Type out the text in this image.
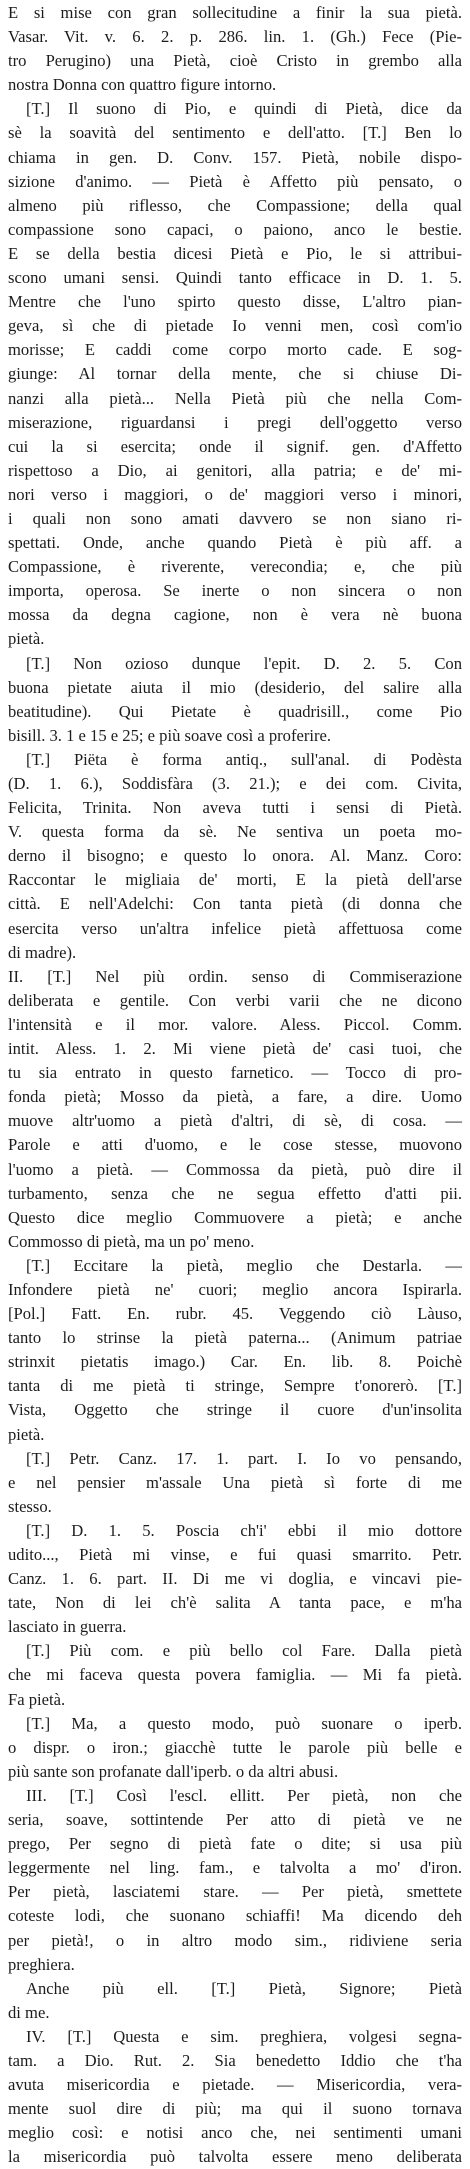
E si mise con gran sollecitudine a finir la sua pietà.
Vasar. Vit. v. 6. 2. p. 286. lin. 1. (Gh.) Fece (Pie-
tro Perugino) una Pietà, cioè Cristo in grembo alla
nostra Donna con quattro figure intorno.
[T.] Il suono di Pio, e quindi di Pietà, dice da
sè la soavità del sentimento e dell'atto. [T.] Ben lo
chiama in gen. D. Conv. 157. Pietà, nobile dispo-
sizione d'animo. — Pietà è Affetto più pensato, o
almeno più riflesso, che Compassione; della qual
compassione sono capaci, o paiono, anco le bestie.
E se della bestia dicesi Pietà e Pio, le si attribui-
scono umani sensi. Quindi tanto efficace in D. 1. 5.
Mentre che l'uno spirto questo disse, L'altro pian-
geva, sì che di pietade Io venni men, così com'io
morisse; E caddi come corpo morto cade. E sog-
giunge: Al tornar della mente, che si chiuse Di-
nanzi alla pietà... Nella Pietà più che nella Com-
miserazione, riguardansi i pregi dell'oggetto verso
cui la si esercita; onde il signif. gen. d'Affetto
rispettoso a Dio, ai genitori, alla patria; e de' mi-
nori verso i maggiori, o de' maggiori verso i minori,
i quali non sono amati davvero se non siano ri-
spettati. Onde, anche quando Pietà è più aff. a
Compassione, è riverente, verecondia; e, che più
importa, operosa. Se inerte o non sincera o non
mossa da degna cagione, non è vera nè buona
pietà.
[T.] Non ozioso dunque l'epit. D. 2. 5. Con
buona pietate aiuta il mio (desiderio, del salire alla
beatitudine). Qui Pietate è quadrisill., come Pio
bisill. 3. 1 e 15 e 25; e più soave così a proferire.
[T.] Piëta è forma antiq., sull'anal. di Podèsta
(D. 1. 6.), Soddisfàra (3. 21.); e dei com. Civita,
Felicita, Trinita. Non aveva tutti i sensi di Pietà.
V. questa forma da sè. Ne sentiva un poeta mo-
derno il bisogno; e questo lo onora. Al. Manz. Coro:
Raccontar le migliaia de' morti, E la pietà dell'arse
città. E nell'Adelchi: Con tanta pietà (di donna che
esercita verso un'altra infelice pietà affettuosa come
di madre).
II. [T.] Nel più ordin. senso di Commiserazione
deliberata e gentile. Con verbi varii che ne dicono
l'intensità e il mor. valore. Aless. Piccol. Comm.
intit. Aless. 1. 2. Mi viene pietà de' casi tuoi, che
tu sia entrato in questo farnetico. — Tocco di pro-
fonda pietà; Mosso da pietà, a fare, a dire. Uomo
muove altr'uomo a pietà d'altri, di sè, di cosa. —
Parole e atti d'uomo, e le cose stesse, muovono
l'uomo a pietà. — Commossa da pietà, può dire il
turbamento, senza che ne segua effetto d'atti pii.
Questo dice meglio Commuovere a pietà; e anche
Commosso di pietà, ma un po' meno.
[T.] Eccitare la pietà, meglio che Destarla. —
Infondere pietà ne' cuori; meglio ancora Ispirarla.
[Pol.] Fatt. En. rubr. 45. Veggendo ciò Làuso,
tanto lo strinse la pietà paterna... (Animum patriae
strinxit pietatis imago.) Car. En. lib. 8. Poichè
tanta di me pietà ti stringe, Sempre t'onorerò. [T.]
Vista, Oggetto che stringe il cuore d'un'insolita
pietà.
[T.] Petr. Canz. 17. 1. part. I. Io vo pensando,
e nel pensier m'assale Una pietà sì forte di me
stesso.
[T.] D. 1. 5. Poscia ch'i' ebbi il mio dottore
udito..., Pietà mi vinse, e fui quasi smarrito. Petr.
Canz. 1. 6. part. II. Di me vi doglia, e vincavi pie-
tate, Non di lei ch'è salita A tanta pace, e m'ha
lasciato in guerra.
[T.] Più com. e più bello col Fare. Dalla pietà
che mi faceva questa povera famiglia. — Mi fa pietà.
Fa pietà.
[T.] Ma, a questo modo, può suonare o iperb.
o dispr. o iron.; giacchè tutte le parole più belle e
più sante son profanate dall'iperb. o da altri abusi.
III. [T.] Così l'escl. ellitt. Per pietà, non che
seria, soave, sottintende Per atto di pietà ve ne
prego, Per segno di pietà fate o dite; si usa più
leggermente nel ling. fam., e talvolta a mo' d'iron.
Per pietà, lasciatemi stare. — Per pietà, smettete
coteste lodi, che suonano schiaffi! Ma dicendo deh
per pietà!, o in altro modo sim., ridiviene seria
preghiera.
Anche più ell. [T.] Pietà, Signore; Pietà
di me.
IV. [T.] Questa e sim. preghiera, volgesi segna-
tam. a Dio. Rut. 2. Sia benedetto Iddio che t'ha
avuta misericordia e pietade. — Misericordia, vera-
mente suol dire di più; ma qui il suono tornava
meglio così: e notisi anco che, nei sentimenti umani
la misericordia può talvolta essere meno deliberata
